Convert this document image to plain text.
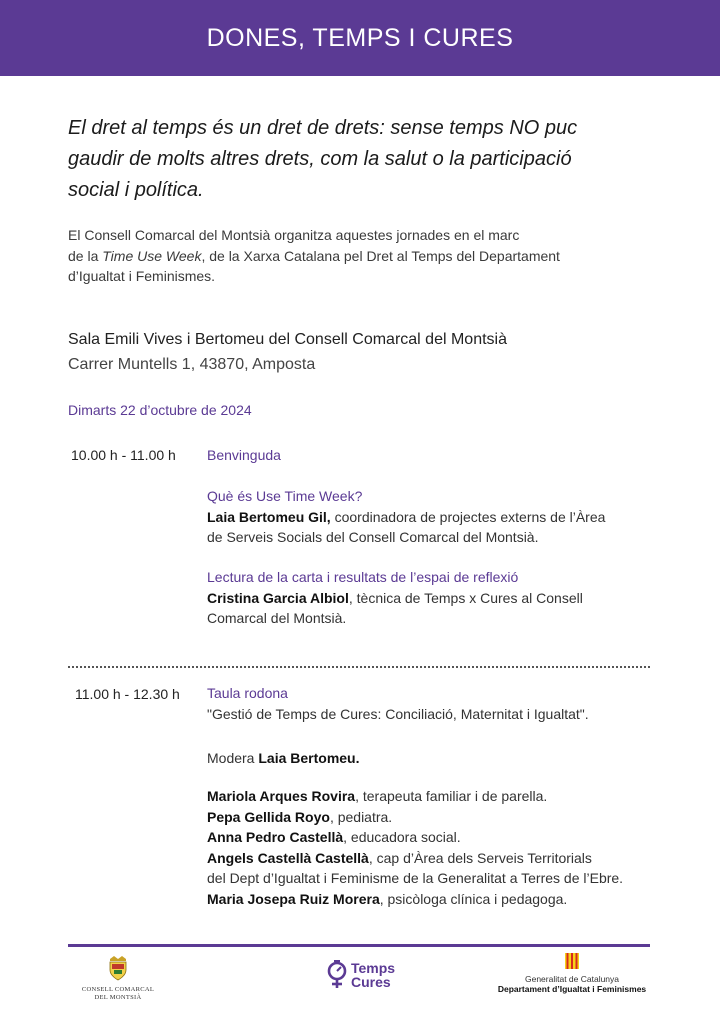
DONES, TEMPS I CURES
El dret al temps és un dret de drets: sense temps NO puc
gaudir de molts altres drets, com la salut o la participació
social i política.
El Consell Comarcal del Montsià organitza aquestes jornades en el marc
de la Time Use Week, de la Xarxa Catalana pel Dret al Temps del Departament
d’Igualtat i Feminismes.
Sala Emili Vives i Bertomeu del Consell Comarcal del Montsià
Carrer Muntells 1, 43870, Amposta
Dimarts 22 d’octubre de 2024
10.00 h - 11.00 h Benvinguda
Què és Use Time Week?
Laia Bertomeu Gil, coordinadora de projectes externs de l’Àrea
de Serveis Socials del Consell Comarcal del Montsià.
Lectura de la carta i resultats de l’espai de reflexió
Cristina Garcia Albiol, tècnica de Temps x Cures al Consell
Comarcal del Montsià.
11.00 h - 12.30 h Taula rodona
"Gestió de Temps de Cures: Conciliació, Maternitat i Igualtat".
Modera Laia Bertomeu.
Mariola Arques Rovira, terapeuta familiar i de parella.
Pepa Gellida Royo, pediatra.
Anna Pedro Castellà, educadora social.
Angels Castellà Castellà, cap d’Àrea dels Serveis Territorials
del Dept d’Igualtat i Feminisme de la Generalitat a Terres de l’Ebre.
Maria Josepa Ruiz Morera, psicòloga clínica i pedagoga.
CONSELL COMARCAL
DEL MONTSIÀ
Temps
Cures	Generalitat de Catalunya
Departament d’Igualtat i Feminismes
